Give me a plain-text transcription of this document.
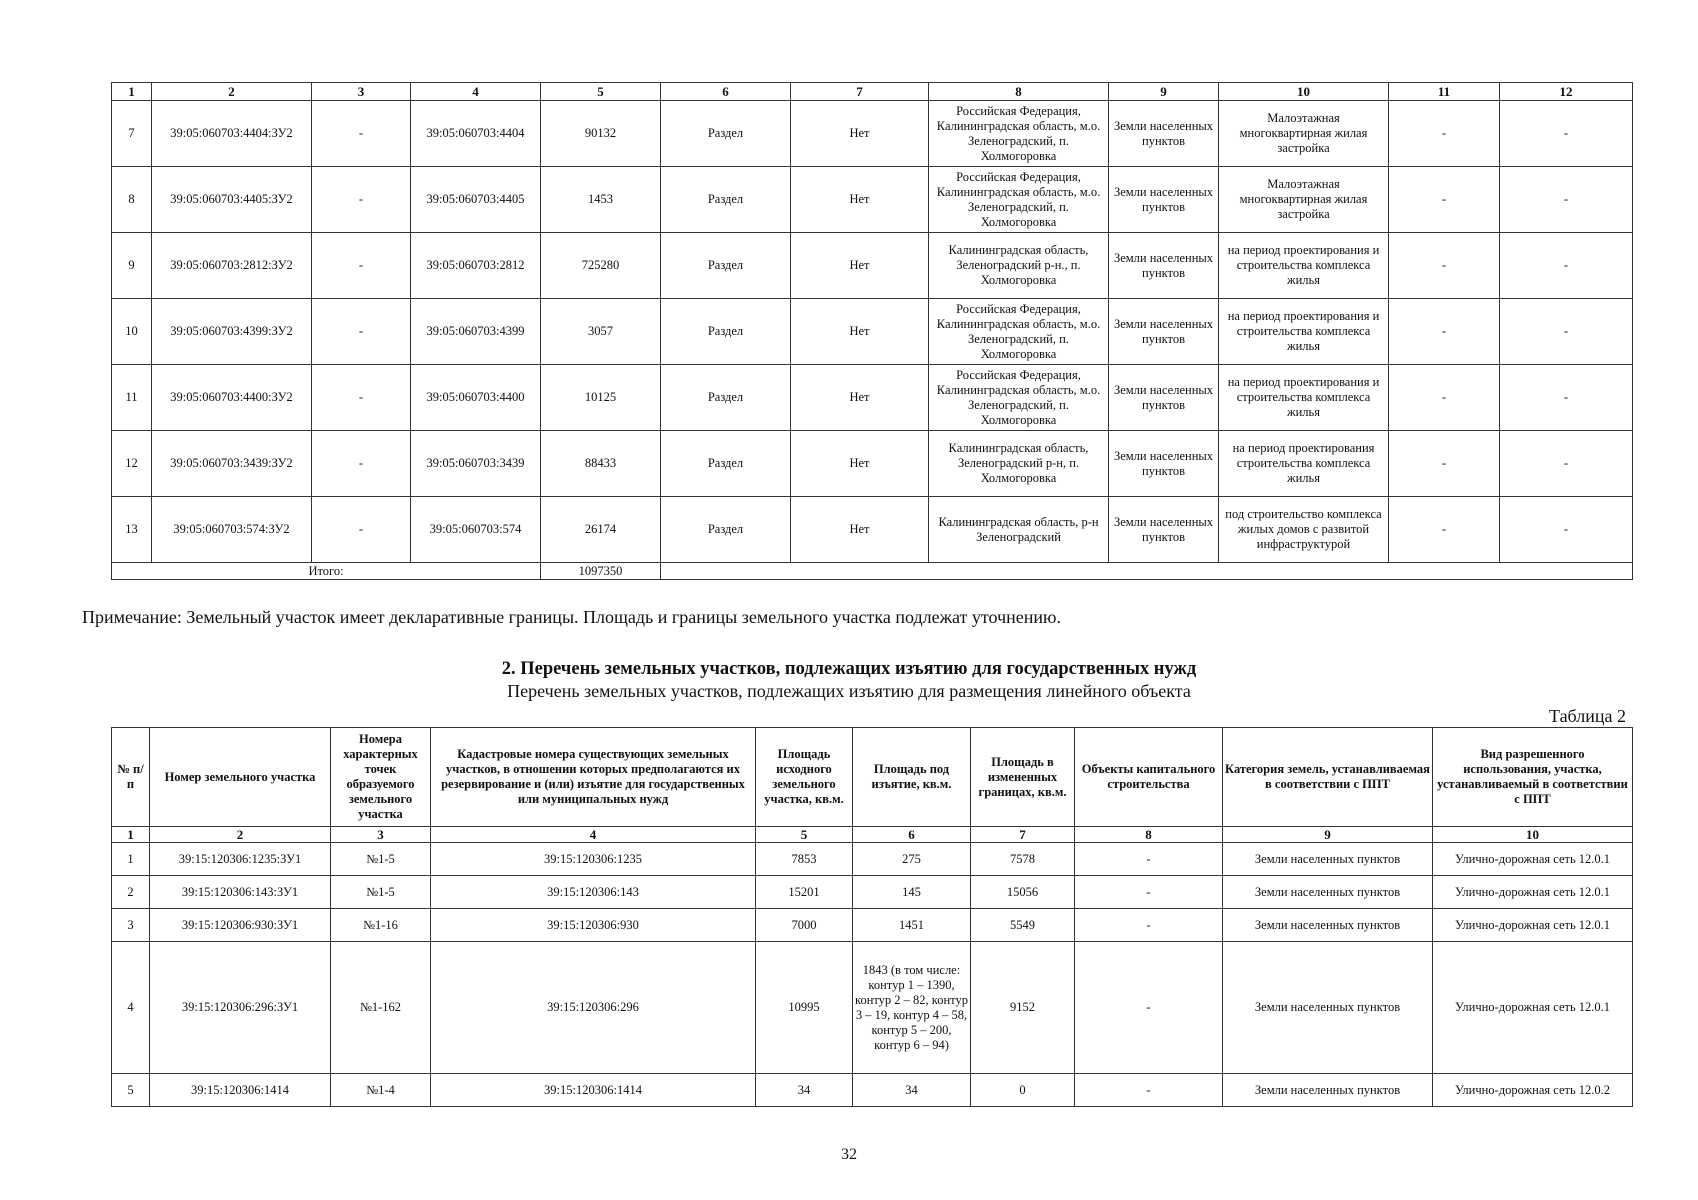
1	2	3	4	5	6	7	8	9	10	11	12
7	39:05:060703:4404:ЗУ2	-	39:05:060703:4404	90132	Раздел	Нет	Российская Федерация, Калининградская область, м.о. Зеленоградский, п. Холмогоровка	Земли населенных пунктов	Малоэтажная многоквартирная жилая застройка	-	-
8	39:05:060703:4405:ЗУ2	-	39:05:060703:4405	1453	Раздел	Нет	Российская Федерация, Калининградская область, м.о. Зеленоградский, п. Холмогоровка	Земли населенных пунктов	Малоэтажная многоквартирная жилая застройка	-	-
9	39:05:060703:2812:ЗУ2	-	39:05:060703:2812	725280	Раздел	Нет	Калининградская область, Зеленоградский р-н., п. Холмогоровка	Земли населенных пунктов	на период проектирования и строительства комплекса жилья	-	-
10	39:05:060703:4399:ЗУ2	-	39:05:060703:4399	3057	Раздел	Нет	Российская Федерация, Калининградская область, м.о. Зеленоградский, п. Холмогоровка	Земли населенных пунктов	на период проектирования и строительства комплекса жилья	-	-
11	39:05:060703:4400:ЗУ2	-	39:05:060703:4400	10125	Раздел	Нет	Российская Федерация, Калининградская область, м.о. Зеленоградский, п. Холмогоровка	Земли населенных пунктов	на период проектирования и строительства комплекса жилья	-	-
12	39:05:060703:3439:ЗУ2	-	39:05:060703:3439	88433	Раздел	Нет	Калининградская область, Зеленоградский р-н, п. Холмогоровка	Земли населенных пунктов	на период проектирования строительства комплекса жилья	-	-
13	39:05:060703:574:ЗУ2	-	39:05:060703:574	26174	Раздел	Нет	Калининградская область, р-н Зеленоградский	Земли населенных пунктов	под строительство комплекса жилых домов с развитой инфраструктурой	-	-
Итого:				1097350							
Примечание: Земельный участок имеет декларативные границы. Площадь и границы земельного участка подлежат уточнению.
2. Перечень земельных участков, подлежащих изъятию для государственных нужд
Перечень земельных участков, подлежащих изъятию для размещения линейного объекта
Таблица 2
№ п/п	Номер земельного участка	Номера характерных точек образуемого земельного участка	Кадастровые номера существующих земельных участков, в отношении которых предполагаются их резервирование и (или) изъятие для государственных или муниципальных нужд	Площадь исходного земельного участка, кв.м.	Площадь под изъятие, кв.м.	Площадь в измененных границах, кв.м.	Объекты капитального строительства	Категория земель, устанавливаемая в соответствии с ППТ	Вид разрешенного использования, участка, устанавливаемый в соответствии с ППТ
1	2	3	4	5	6	7	8	9	10
1	39:15:120306:1235:ЗУ1	№1-5	39:15:120306:1235	7853	275	7578	-	Земли населенных пунктов	Улично-дорожная сеть 12.0.1
2	39:15:120306:143:ЗУ1	№1-5	39:15:120306:143	15201	145	15056	-	Земли населенных пунктов	Улично-дорожная сеть 12.0.1
3	39:15:120306:930:ЗУ1	№1-16	39:15:120306:930	7000	1451	5549	-	Земли населенных пунктов	Улично-дорожная сеть 12.0.1
4	39:15:120306:296:ЗУ1	№1-162	39:15:120306:296	10995	1843 (в том числе: контур 1 – 1390, контур 2 – 82, контур 3 – 19, контур 4 – 58, контур 5 – 200, контур 6 – 94)	9152	-	Земли населенных пунктов	Улично-дорожная сеть 12.0.1
5	39:15:120306:1414	№1-4	39:15:120306:1414	34	34	0	-	Земли населенных пунктов	Улично-дорожная сеть 12.0.2
32
